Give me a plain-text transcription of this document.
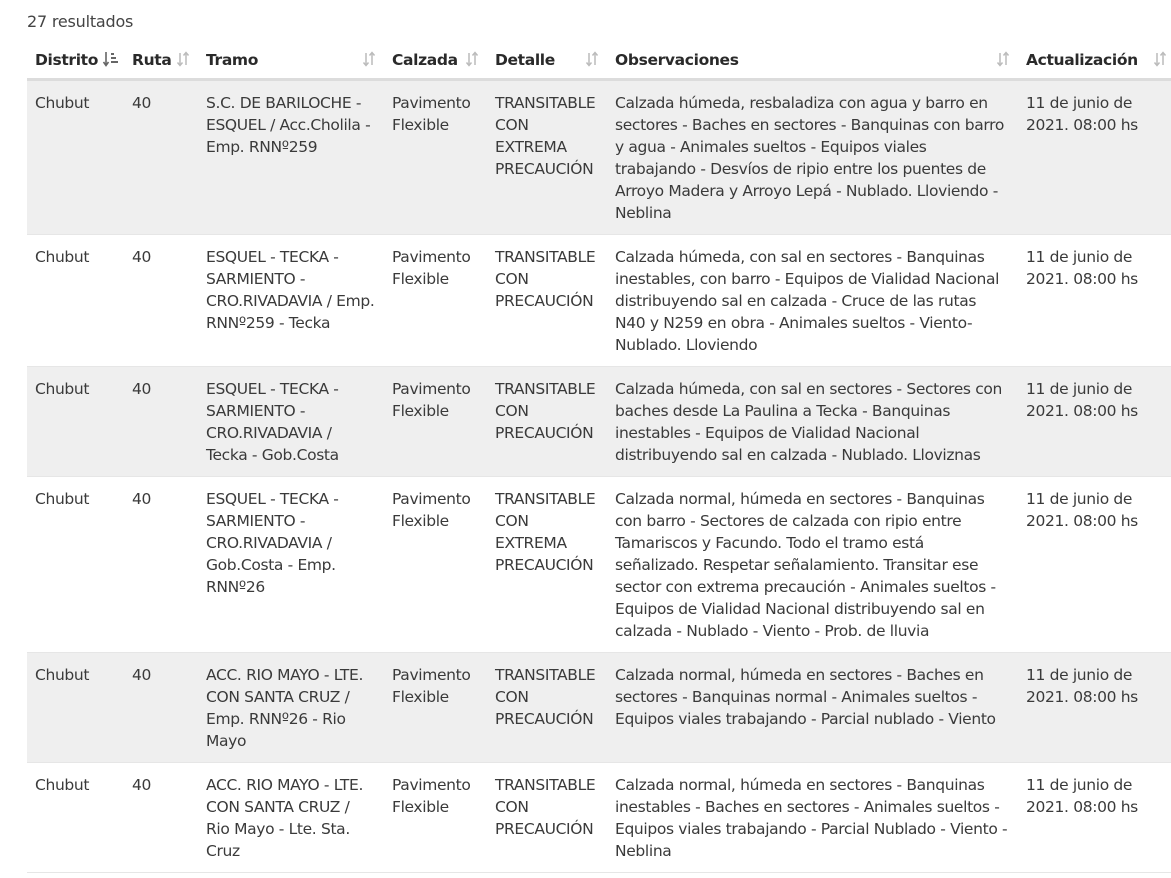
27 resultados
Distrito	Ruta	Tramo	Calzada	Detalle	Observaciones	Actualización

Chubut	40	S.C. DE BARILOCHE - ESQUEL / Acc.Cholila - Emp. RNNº259	Pavimento Flexible	TRANSITABLE CON EXTREMA PRECAUCIÓN	Calzada húmeda, resbaladiza con agua y barro en sectores - Baches en sectores - Banquinas con barro y agua - Animales sueltos - Equipos viales trabajando - Desvíos de ripio entre los puentes de Arroyo Madera y Arroyo Lepá - Nublado. Lloviendo - Neblina	11 de junio de 2021. 08:00 hs
Chubut	40	ESQUEL - TECKA - SARMIENTO - CRO.RIVADAVIA / Emp. RNNº259 - Tecka	Pavimento Flexible	TRANSITABLE CON PRECAUCIÓN	Calzada húmeda, con sal en sectores - Banquinas inestables, con barro - Equipos de Vialidad Nacional distribuyendo sal en calzada - Cruce de las rutas N40 y N259 en obra - Animales sueltos - Viento- Nublado. Lloviendo	11 de junio de 2021. 08:00 hs
Chubut	40	ESQUEL - TECKA - SARMIENTO - CRO.RIVADAVIA / Tecka - Gob.Costa	Pavimento Flexible	TRANSITABLE CON PRECAUCIÓN	Calzada húmeda, con sal en sectores - Sectores con baches desde La Paulina a Tecka - Banquinas inestables - Equipos de Vialidad Nacional distribuyendo sal en calzada - Nublado. Lloviznas	11 de junio de 2021. 08:00 hs
Chubut	40	ESQUEL - TECKA - SARMIENTO - CRO.RIVADAVIA / Gob.Costa - Emp. RNNº26	Pavimento Flexible	TRANSITABLE CON EXTREMA PRECAUCIÓN	Calzada normal, húmeda en sectores - Banquinas con barro - Sectores de calzada con ripio entre Tamariscos y Facundo. Todo el tramo está señalizado. Respetar señalamiento. Transitar ese sector con extrema precaución - Animales sueltos -Equipos de Vialidad Nacional distribuyendo sal en calzada - Nublado - Viento - Prob. de lluvia	11 de junio de 2021. 08:00 hs
Chubut	40	ACC. RIO MAYO - LTE. CON SANTA CRUZ / Emp. RNNº26 - Rio Mayo	Pavimento Flexible	TRANSITABLE CON PRECAUCIÓN	Calzada normal, húmeda en sectores - Baches en sectores - Banquinas normal - Animales sueltos - Equipos viales trabajando - Parcial nublado - Viento	11 de junio de 2021. 08:00 hs
Chubut	40	ACC. RIO MAYO - LTE. CON SANTA CRUZ / Rio Mayo - Lte. Sta. Cruz	Pavimento Flexible	TRANSITABLE CON PRECAUCIÓN	Calzada normal, húmeda en sectores - Banquinas inestables - Baches en sectores - Animales sueltos - Equipos viales trabajando - Parcial Nublado - Viento - Neblina	11 de junio de 2021. 08:00 hs
